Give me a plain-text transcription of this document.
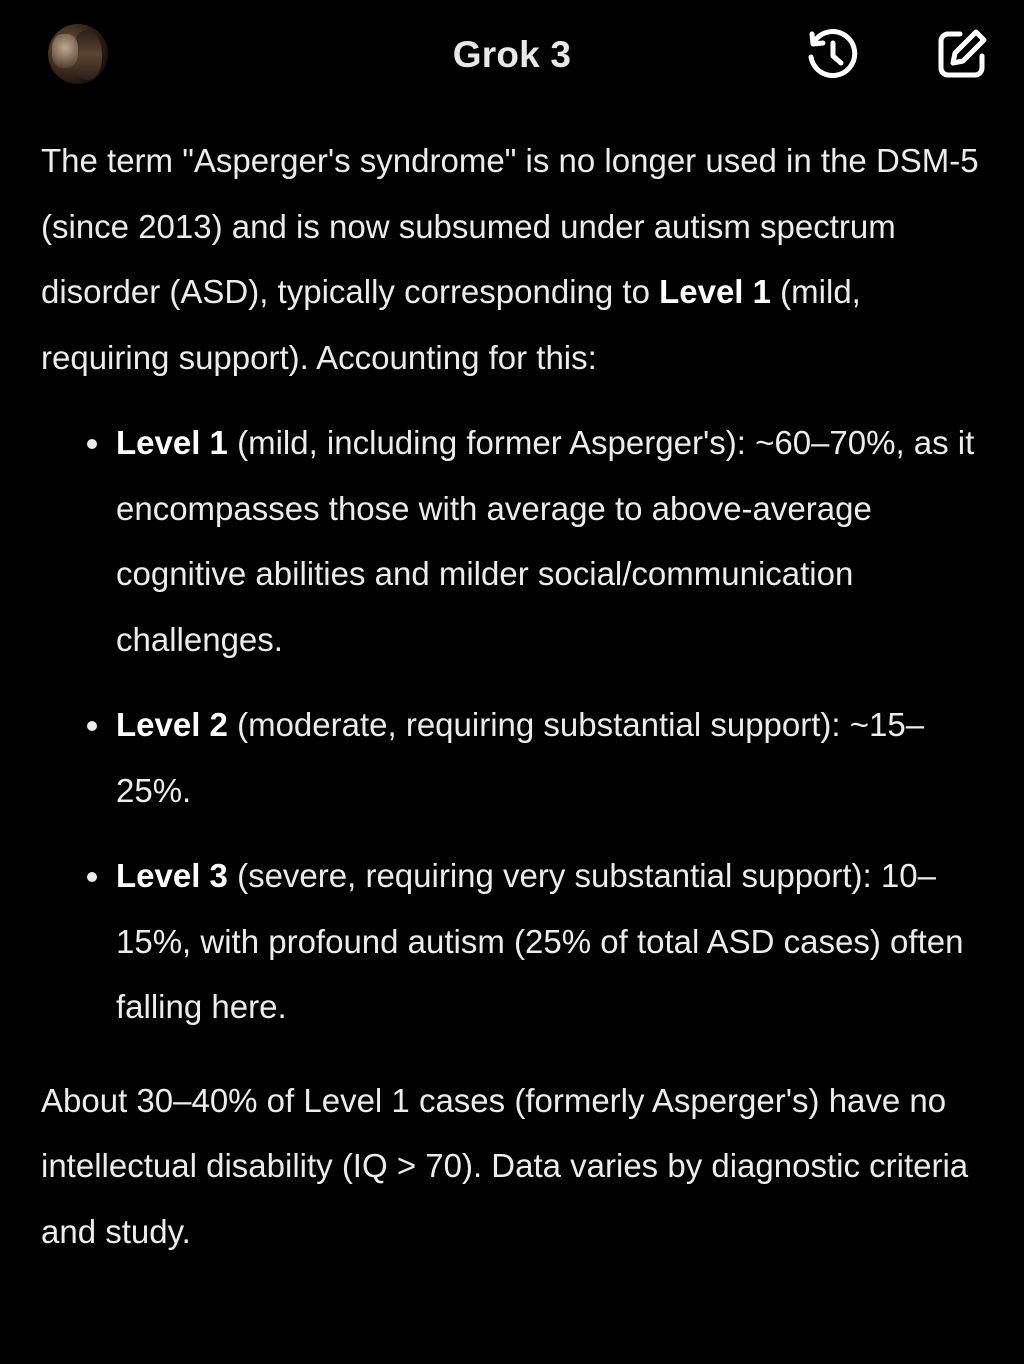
Grok 3

The term "Asperger's syndrome" is no longer used in the DSM-5 (since 2013) and is now subsumed under autism spectrum disorder (ASD), typically corresponding to Level 1 (mild, requiring support). Accounting for this:

Level 1 (mild, including former Asperger's): ~60–70%, as it encompasses those with average to above-average cognitive abilities and milder social/communication challenges.
Level 2 (moderate, requiring substantial support): ~15–25%.
Level 3 (severe, requiring very substantial support): 10–15%, with profound autism (25% of total ASD cases) often falling here.

About 30–40% of Level 1 cases (formerly Asperger's) have no intellectual disability (IQ > 70). Data varies by diagnostic criteria and study.
